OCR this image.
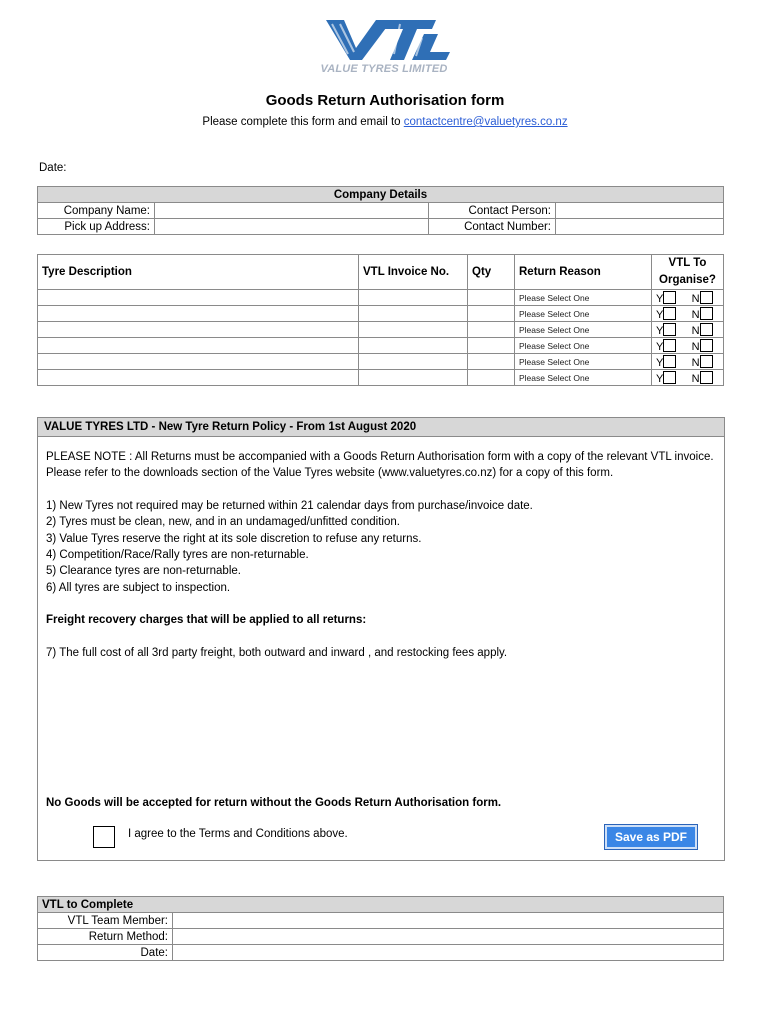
VALUE TYRES LIMITED
Goods Return Authorisation form
Please complete this form and email to contactcentre@valuetyres.co.nz
Date:
Company Details			
Company Name:		Contact Person:	
Pick up Address:		Contact Number:	
Tyre Description	VTL Invoice No.	Qty	Return Reason	VTL To
Organise?
			Please Select One	Y N
			Please Select One	Y N
			Please Select One	Y N
			Please Select One	Y N
			Please Select One	Y N
			Please Select One	Y N
VALUE TYRES LTD - New Tyre Return Policy - From 1st August 2020

PLEASE NOTE : All Returns must be accompanied with a Goods Return Authorisation form with a copy of the relevant VTL invoice. Please refer to the downloads section of the Value Tyres website (www.valuetyres.co.nz) for a copy of this form.

1) New Tyres not required may be returned within 21 calendar days from purchase/invoice date.

2) Tyres must be clean, new, and in an undamaged/unfitted condition.

3) Value Tyres reserve the right at its sole discretion to refuse any returns.

4) Competition/Race/Rally tyres are non-returnable.

5) Clearance tyres are non-returnable.

6) All tyres are subject to inspection.

Freight recovery charges that will be applied to all returns:

7) The full cost of all 3rd party freight, both outward and inward , and restocking fees apply.

No Goods will be accepted for return without the Goods Return Authorisation form.

I agree to the Terms and Conditions above.	Save as PDF
VTL to Complete	
VTL Team Member:	
Return Method:	
Date:	
